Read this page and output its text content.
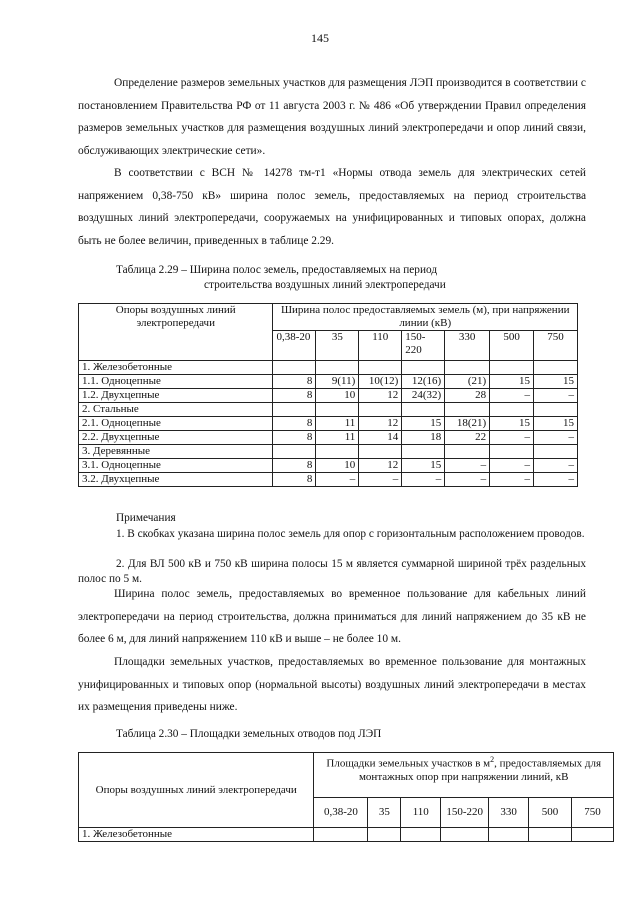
145

Определение размеров земельных участков для размещения ЛЭП производится в соответствии с постановлением Правительства РФ от 11 августа 2003 г. № 486 «Об утверждении Правил определения размеров земельных участков для размещения воздушных линий электропередачи и опор линий связи, обслуживающих электрические сети».

В соответствии с ВСН № 14278 тм-т1 «Нормы отвода земель для электрических сетей напряжением 0,38-750 кВ» ширина полос земель, предоставляемых на период строительства воздушных линий электропередачи, сооружаемых на унифицированных и типовых опорах, должна быть не более величин, приведенных в таблице 2.29.

Таблица 2.29 – Ширина полос земель, предоставляемых на период

строительства воздушных линий электропередачи

Опоры воздушных линий электропередачи	Ширина полос предоставляемых земель (м), при напряжении линии (кВ)						
	0,38-20	35	110	150-220	330	500	750
1. Железобетонные							
1.1. Одноцепные	8	9(11)	10(12)	12(16)	(21)	15	15
1.2. Двухцепные	8	10	12	24(32)	28	–	–
2. Стальные							
2.1. Одноцепные	8	11	12	15	18(21)	15	15
2.2. Двухцепные	8	11	14	18	22	–	–
3. Деревянные							
3.1. Одноцепные	8	10	12	15	–	–	–
3.2. Двухцепные	8	–	–	–	–	–	–
Примечания

1. В скобках указана ширина полос земель для опор с горизонтальным расположением проводов.

2. Для ВЛ 500 кВ и 750 кВ ширина полосы 15 м является суммарной шириной трёх раздельных полос по 5 м.

Ширина полос земель, предоставляемых во временное пользование для кабельных линий электропередачи на период строительства, должна приниматься для линий напряжением до 35 кВ не более 6 м, для линий напряжением 110 кВ и выше – не более 10 м.

Площадки земельных участков, предоставляемых во временное пользование для монтажных унифицированных и типовых опор (нормальной высоты) воздушных линий электропередачи в местах их размещения приведены ниже.

Таблица 2.30 – Площадки земельных отводов под ЛЭП

Опоры воздушных линий электропередачи	Площадки земельных участков в $м^2$, предоставляемых для монтажных опор при напряжении линий, кВ						
	0,38-20	35	110	150-220	330	500	750
1. Железобетонные							
